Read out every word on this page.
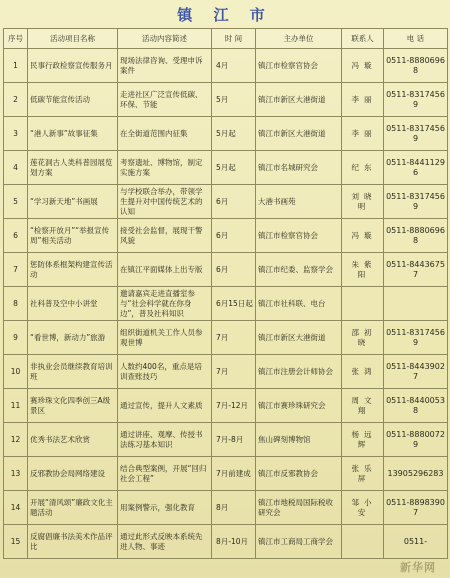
镇 江 市
序号	活动项目名称	活动内容简述	时 间	主办单位	联系人	电 话
1	民事行政检察宣传服务月	现场法律咨询、受理申诉案件	4月	镇江市检察官协会	冯璇	0511-88806968
2	低碳节能宣传活动	走进社区广泛宣传低碳、环保、节能	5月	镇江市新区大港街道	李丽	0511-83174569
3	“港人新事”故事征集	在全街道范围内征集	5月起	镇江市新区大港街道	李丽	0511-83174569
4	莲花洞古人类科普园展览划方案	考察遗址、博物馆，制定实施方案	5月起	镇江市名城研究会	纪东	0511-84411296
5	“学习新天地”书画展	与学校联合举办，带领学生提升对中国传统艺术的认知	6月	大港书画苑	刘晓明	0511-83174569
6	“检察开放月”“举报宣传周”相关活动	接受社会监督，展现干警风貌	6月	镇江市检察官协会	冯璇	0511-88806968
7	惩防体系框架构建宣传活动	在镇江平面媒体上出专版	6月	镇江市纪委、监察学会	朱紫阳	0511-84436757
8	社科普及空中小讲堂	邀请嘉宾走进直播室参与“社会科学就在你身边”，普及社科知识	6月15日起	镇江市社科联、电台		
9	“看世博，新动力”旅游	组织街道机关工作人员参观世博	7月	镇江市新区大港街道	邵初晓	0511-83174569
10	非执业会员继续教育培训班	人数约400名，重点是培训查账技巧	7月	镇江市注册会计师协会	张鸿	0511-84439027
11	赛珍珠文化四季创三A级景区	通过宣传，提升人文素质	7月-12月	镇江市赛珍珠研究会	周文翔	0511-84400538
12	优秀书法艺术欣赏	通过讲座、观摩、传授书法练习基本知识	7月-8月	焦山碑刻博物馆	杨远辉	0511-88800729
13	反邪教协会局网络建设	结合典型案例，开展“回归社会工程”	7月前建成	镇江市反邪教协会	张乐屏	13905296283
14	开展“清风颂”廉政文化主题活动	用案例警示，强化教育	8月	镇江市地税局国际税收研究会	邹小安	0511-88983907
15	反腐倡廉书法美术作品评比	通过此形式反映本系统先进人物、事迹	8月-10月	镇江市工商局工商学会		0511-
新华网
